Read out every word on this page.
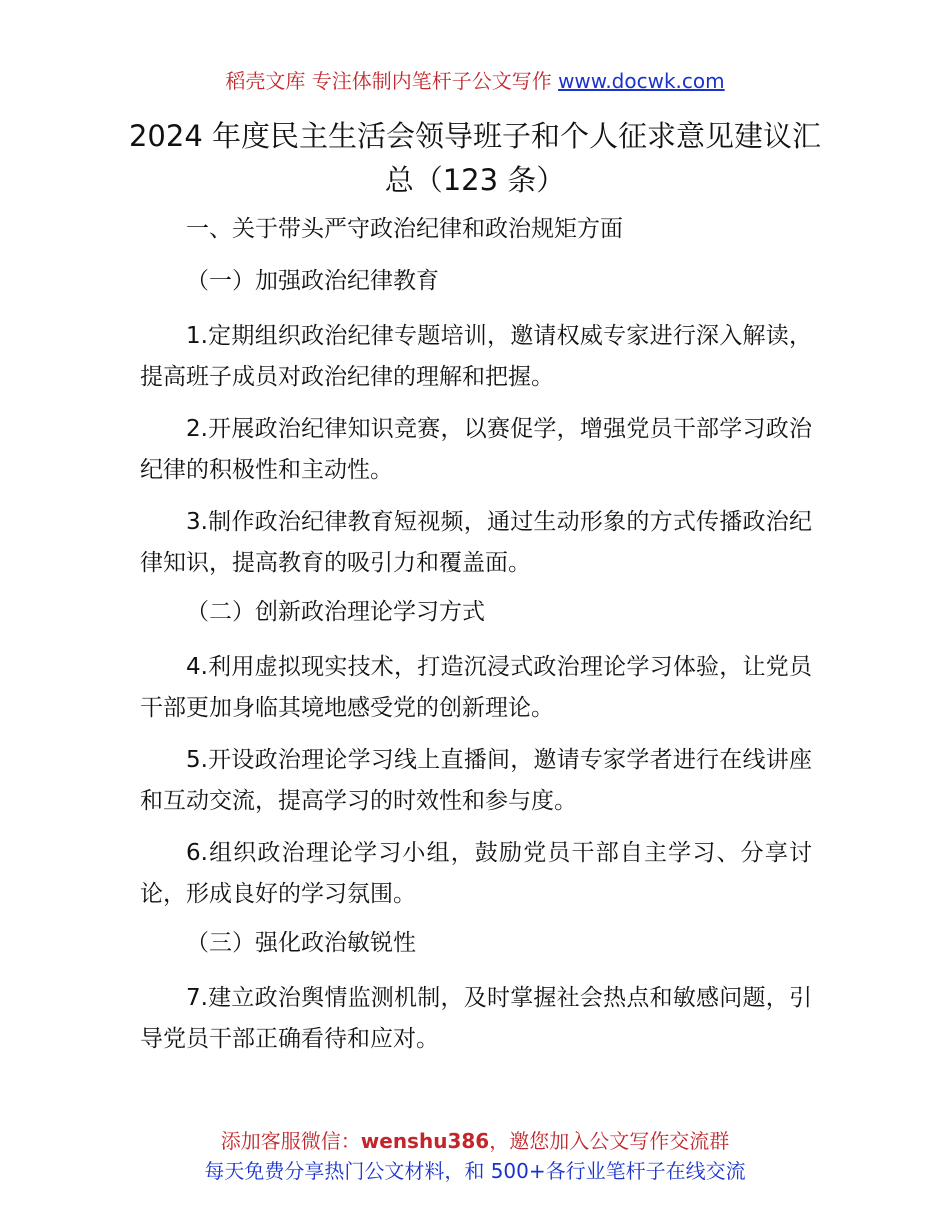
稻壳文库 专注体制内笔杆子公文写作 www.docwk.com
2024 年度民主生活会领导班子和个人征求意见建议汇总（123 条）
一、关于带头严守政治纪律和政治规矩方面
（一）加强政治纪律教育
1.定期组织政治纪律专题培训，邀请权威专家进行深入解读，提高班子成员对政治纪律的理解和把握。
2.开展政治纪律知识竞赛，以赛促学，增强党员干部学习政治纪律的积极性和主动性。
3.制作政治纪律教育短视频，通过生动形象的方式传播政治纪律知识，提高教育的吸引力和覆盖面。
（二）创新政治理论学习方式
4.利用虚拟现实技术，打造沉浸式政治理论学习体验，让党员干部更加身临其境地感受党的创新理论。
5.开设政治理论学习线上直播间，邀请专家学者进行在线讲座和互动交流，提高学习的时效性和参与度。
6.组织政治理论学习小组，鼓励党员干部自主学习、分享讨论，形成良好的学习氛围。
（三）强化政治敏锐性
7.建立政治舆情监测机制，及时掌握社会热点和敏感问题，引导党员干部正确看待和应对。
添加客服微信：wenshu386，邀您加入公文写作交流群
每天免费分享热门公文材料，和 500+各行业笔杆子在线交流
